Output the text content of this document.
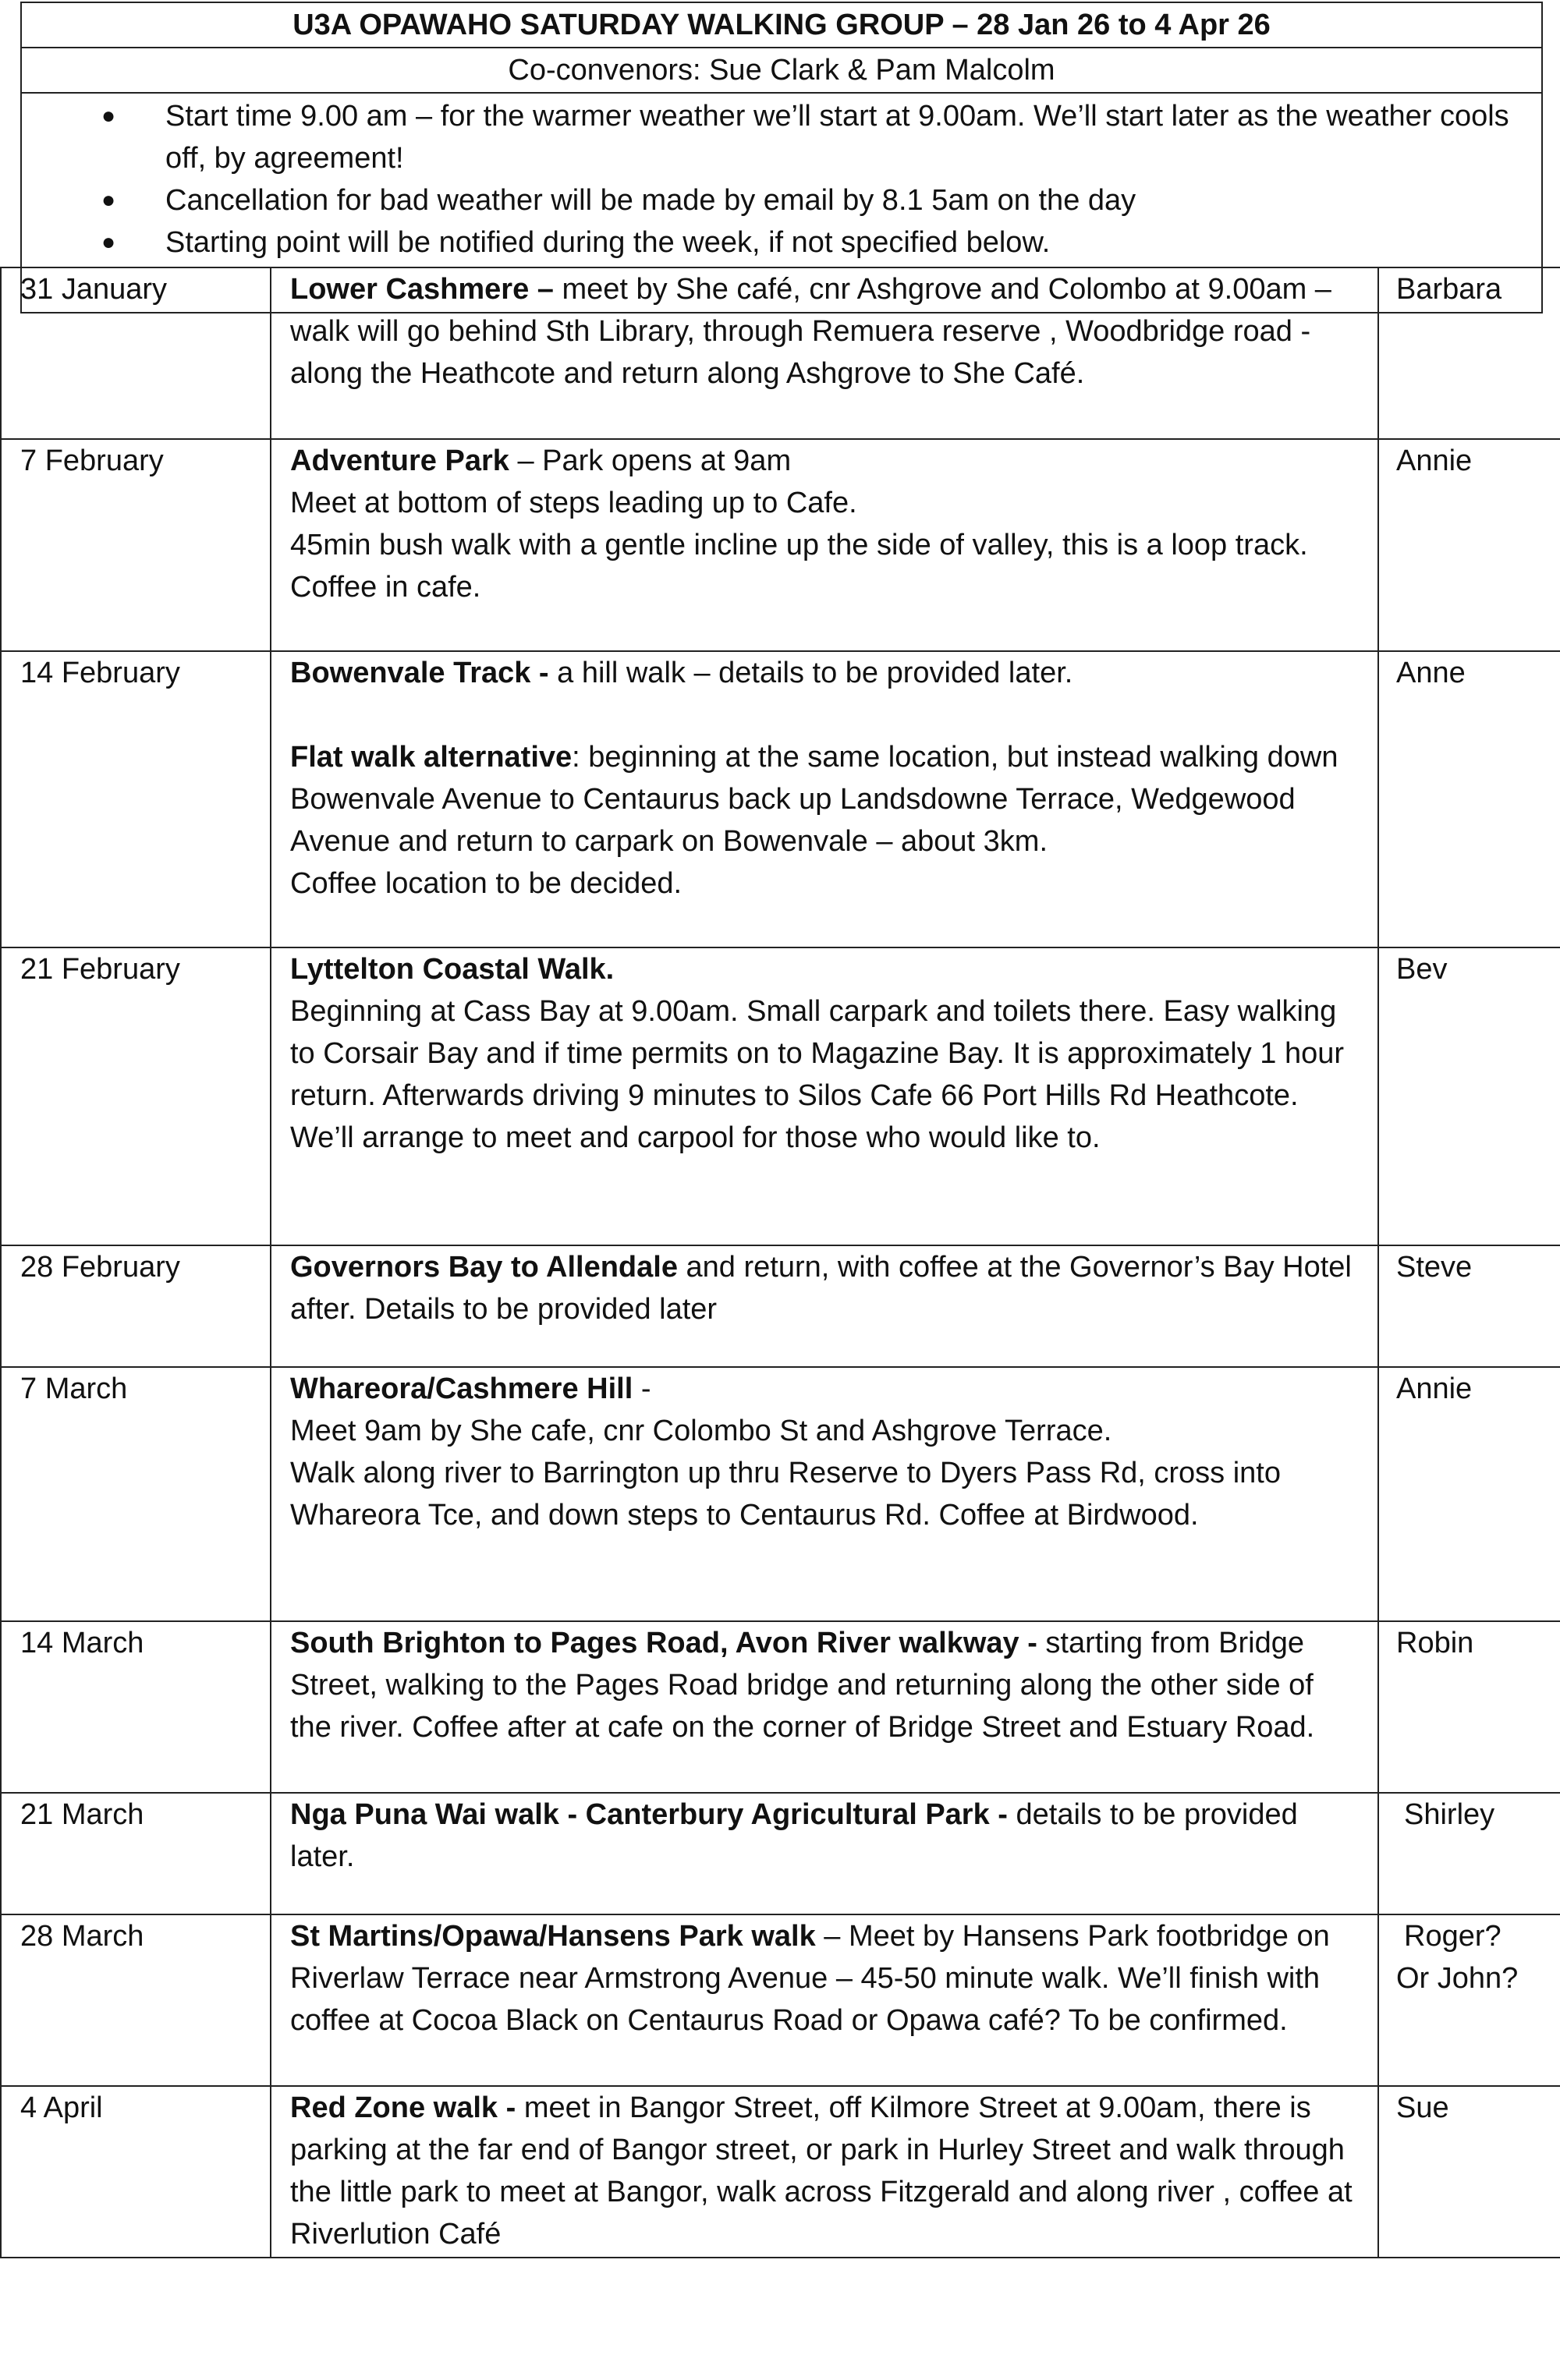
U3A OPAWAHO SATURDAY WALKING GROUP – 28 Jan 26 to 4 Apr 26
Co-convenors: Sue Clark & Pam Malcolm
● Start time 9.00 am – for the warmer weather we’ll start at 9.00am. We’ll start later as the weather cools off, by agreement!
● Cancellation for bad weather will be made by email by 8.1 5am on the day
● Starting point will be notified during the week, if not specified below.
31 January	Lower Cashmere – meet by She café, cnr Ashgrove and Colombo at 9.00am – walk will go behind Sth Library, through Remuera reserve , Woodbridge road - along the Heathcote and return along Ashgrove to She Café.	Barbara
7 February	Adventure Park – Park opens at 9am
Meet at bottom of steps leading up to Cafe.
45min bush walk with a gentle incline up the side of valley, this is a loop track.
Coffee in cafe.	Annie
14 February	Bowenvale Track - a hill walk – details to be provided later.
Flat walk alternative: beginning at the same location, but instead walking down Bowenvale Avenue to Centaurus back up Landsdowne Terrace, Wedgewood Avenue and return to carpark on Bowenvale – about 3km.
Coffee location to be decided.	Anne
21 February	Lyttelton Coastal Walk.
Beginning at Cass Bay at 9.00am. Small carpark and toilets there. Easy walking to Corsair Bay and if time permits on to Magazine Bay. It is approximately 1 hour return. Afterwards driving 9 minutes to Silos Cafe 66 Port Hills Rd Heathcote. We’ll arrange to meet and carpool for those who would like to.	Bev
28 February	Governors Bay to Allendale and return, with coffee at the Governor’s Bay Hotel after. Details to be provided later	Steve
7 March	Whareora/Cashmere Hill -
Meet 9am by She cafe, cnr Colombo St and Ashgrove Terrace.
Walk along river to Barrington up thru Reserve to Dyers Pass Rd, cross into Whareora Tce, and down steps to Centaurus Rd. Coffee at Birdwood.	Annie
14 March	South Brighton to Pages Road, Avon River walkway - starting from Bridge Street, walking to the Pages Road bridge and returning along the other side of the river. Coffee after at cafe on the corner of Bridge Street and Estuary Road.	Robin
21 March	Nga Puna Wai walk - Canterbury Agricultural Park - details to be provided later.	Shirley
28 March	St Martins/Opawa/Hansens Park walk – Meet by Hansens Park footbridge on Riverlaw Terrace near Armstrong Avenue – 45-50 minute walk. We’ll finish with coffee at Cocoa Black on Centaurus Road or Opawa café? To be confirmed.	Roger?
Or John?

4 April	Red Zone walk - meet in Bangor Street, off Kilmore Street at 9.00am, there is parking at the far end of Bangor street, or park in Hurley Street and walk through the little park to meet at Bangor, walk across Fitzgerald and along river , coffee at Riverlution Café	Sue
